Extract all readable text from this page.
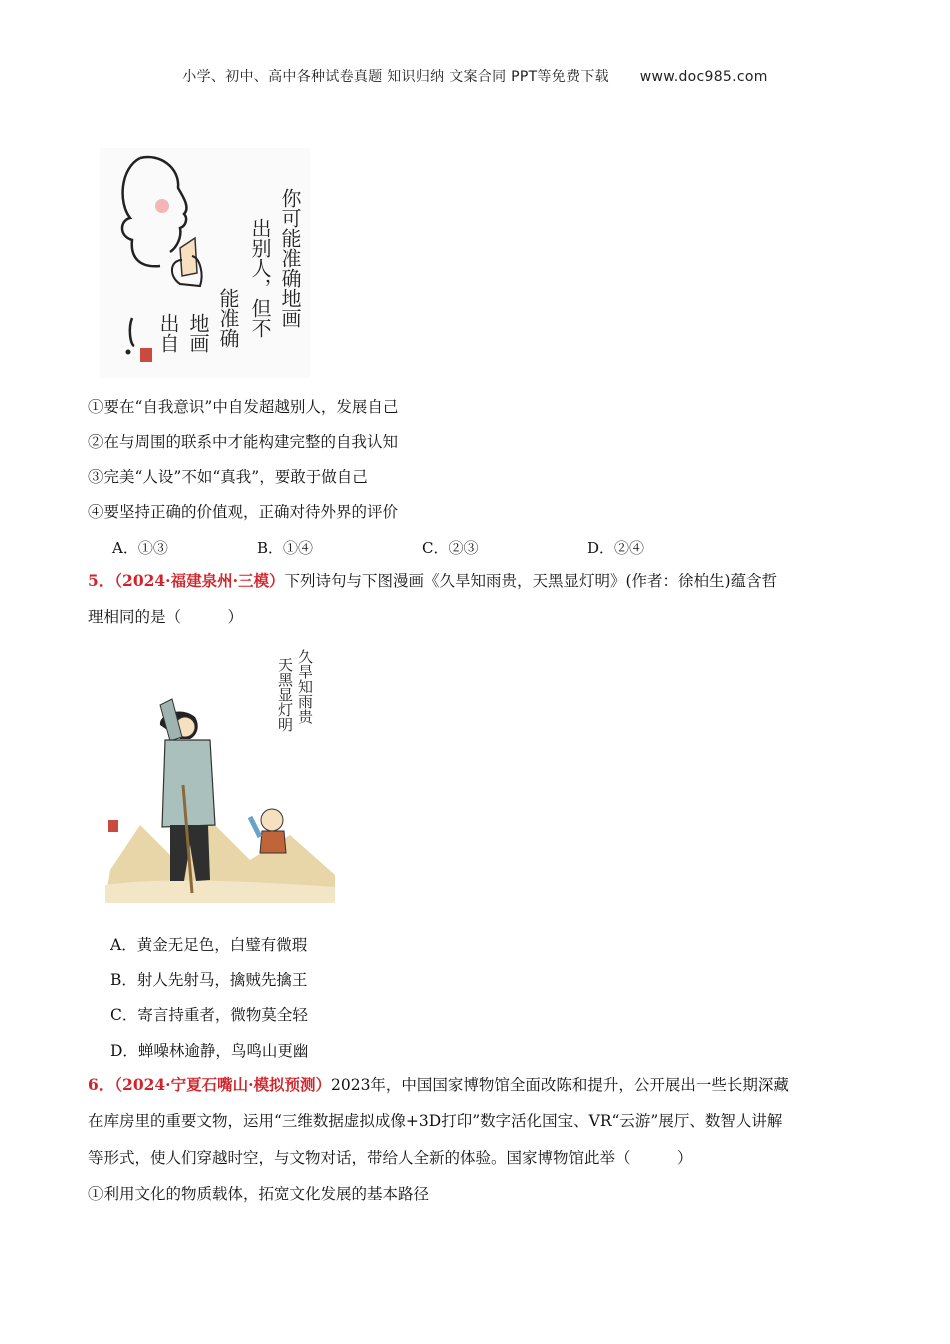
小学、初中、高中各种试卷真题 知识归纳 文案合同 PPT等免费下载 www.doc985.com
你可能准确地画
出别人，但不
能准确
地画
出自
①要在“自我意识”中自发超越别人，发展自己
②在与周围的联系中才能构建完整的自我认知
③完美“人设”不如“真我”，要敢于做自己
④要坚持正确的价值观，正确对待外界的评价
A．①③	B．①④	C．②③	D．②④
5．（2024·福建泉州·三模）下列诗句与下图漫画《久旱知雨贵，天黑显灯明》(作者：徐柏生)蕴含哲
理相同的是（　　　）
久旱知雨贵
天黑显灯明
A．黄金无足色，白璧有微瑕
B．射人先射马，擒贼先擒王
C．寄言持重者，微物莫全轻
D．蝉噪林逾静，鸟鸣山更幽
6．（2024·宁夏石嘴山·模拟预测）2023年，中国国家博物馆全面改陈和提升，公开展出一些长期深藏
在库房里的重要文物，运用“三维数据虚拟成像+3D打印”数字活化国宝、VR“云游”展厅、数智人讲解
等形式，使人们穿越时空，与文物对话，带给人全新的体验。国家博物馆此举（　　　）
①利用文化的物质载体，拓宽文化发展的基本路径
